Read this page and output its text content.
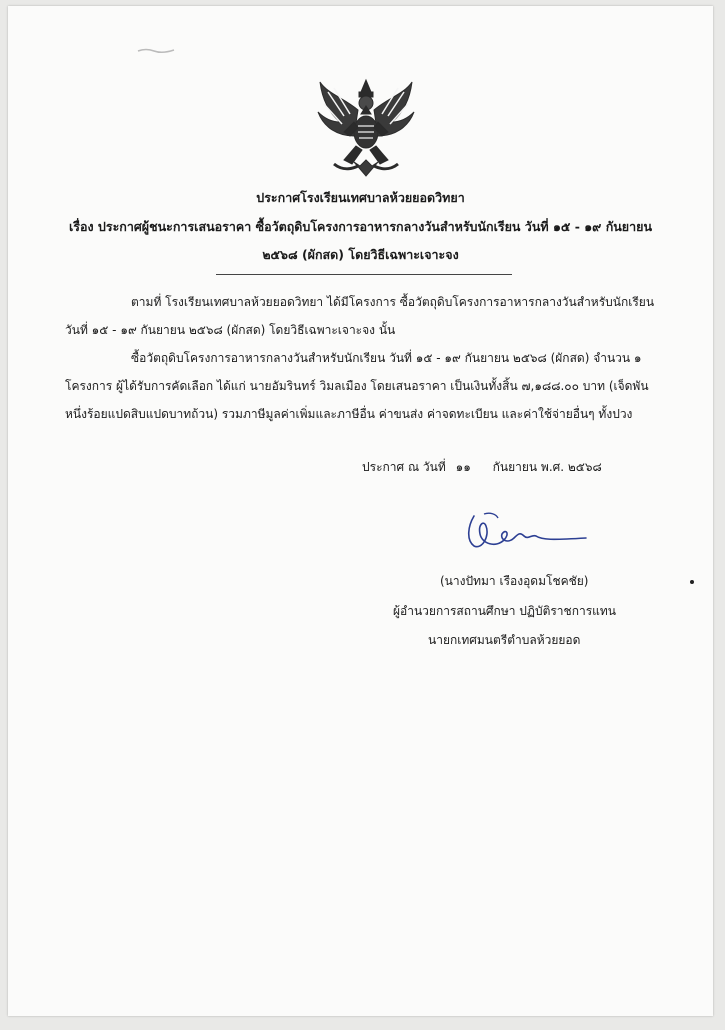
ประกาศโรงเรียนเทศบาลห้วยยอดวิทยา
เรื่อง ประกาศผู้ชนะการเสนอราคา ซื้อวัตถุดิบโครงการอาหารกลางวันสำหรับนักเรียน วันที่ ๑๕ - ๑๙ กันยายน
๒๕๖๘ (ผักสด) โดยวิธีเฉพาะเจาะจง
ตามที่ โรงเรียนเทศบาลห้วยยอดวิทยา ได้มีโครงการ ซื้อวัตถุดิบโครงการอาหารกลางวันสำหรับนักเรียน
วันที่ ๑๕ - ๑๙ กันยายน ๒๕๖๘ (ผักสด) โดยวิธีเฉพาะเจาะจง นั้น
ซื้อวัตถุดิบโครงการอาหารกลางวันสำหรับนักเรียน วันที่ ๑๕ - ๑๙ กันยายน ๒๕๖๘ (ผักสด) จำนวน ๑
โครงการ ผู้ได้รับการคัดเลือก ได้แก่ นายอัมรินทร์ วิมลเมือง โดยเสนอราคา เป็นเงินทั้งสิ้น ๗,๑๘๘.๐๐ บาท (เจ็ดพัน
หนึ่งร้อยแปดสิบแปดบาทถ้วน) รวมภาษีมูลค่าเพิ่มและภาษีอื่น ค่าขนส่ง ค่าจดทะเบียน และค่าใช้จ่ายอื่นๆ ทั้งปวง
ประกาศ ณ วันที่ ๑๑ กันยายน พ.ศ. ๒๕๖๘
(นางปัทมา เรืองอุดมโชคชัย)
ผู้อำนวยการสถานศึกษา ปฏิบัติราชการแทน
นายกเทศมนตรีตำบลห้วยยอด
